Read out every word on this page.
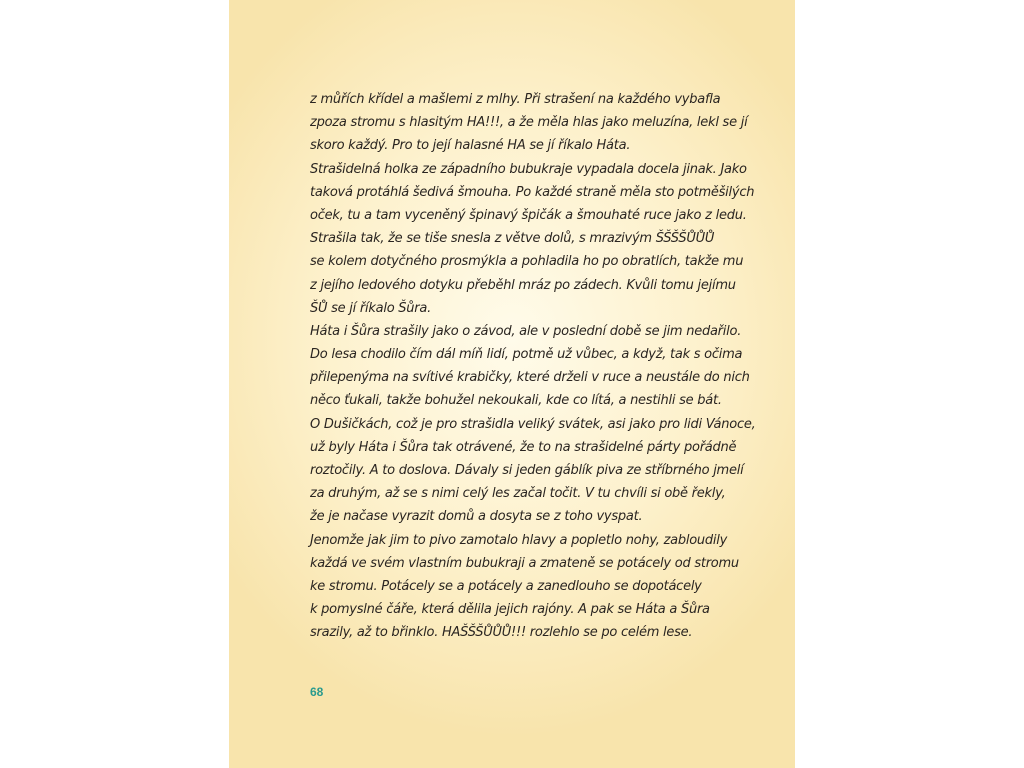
z můřích křídel a mašlemi z mlhy. Při strašení na každého vybafla
zpoza stromu s hlasitým HA!!!, a že měla hlas jako meluzína, lekl se jí
skoro každý. Pro to její halasné HA se jí říkalo Háta.
Strašidelná holka ze západního bubukraje vypadala docela jinak. Jako
taková protáhlá šedivá šmouha. Po každé straně měla sto potměšilých
oček, tu a tam vyceněný špinavý špičák a šmouhaté ruce jako z ledu.
Strašila tak, že se tiše snesla z větve dolů, s mrazivým ŠŠŠŠŮŮŮ
se kolem dotyčného prosmýkla a pohladila ho po obratlích, takže mu
z jejího ledového dotyku přeběhl mráz po zádech. Kvůli tomu jejímu
ŠŮ se jí říkalo Šůra.
Háta i Šůra strašily jako o závod, ale v poslední době se jim nedařilo.
Do lesa chodilo čím dál míň lidí, potmě už vůbec, a když, tak s očima
přilepenýma na svítivé krabičky, které drželi v ruce a neustále do nich
něco ťukali, takže bohužel nekoukali, kde co lítá, a nestihli se bát.
O Dušičkách, což je pro strašidla veliký svátek, asi jako pro lidi Vánoce,
už byly Háta i Šůra tak otrávené, že to na strašidelné párty pořádně
roztočily. A to doslova. Dávaly si jeden gáblík piva ze stříbrného jmelí
za druhým, až se s nimi celý les začal točit. V tu chvíli si obě řekly,
že je načase vyrazit domů a dosyta se z toho vyspat.
Jenomže jak jim to pivo zamotalo hlavy a popletlo nohy, zabloudily
každá ve svém vlastním bubukraji a zmateně se potácely od stromu
ke stromu. Potácely se a potácely a zanedlouho se dopotácely
k pomyslné čáře, která dělila jejich rajóny. A pak se Háta a Šůra
srazily, až to břinklo. HAŠŠŠŮŮŮ!!! rozlehlo se po celém lese.
68
